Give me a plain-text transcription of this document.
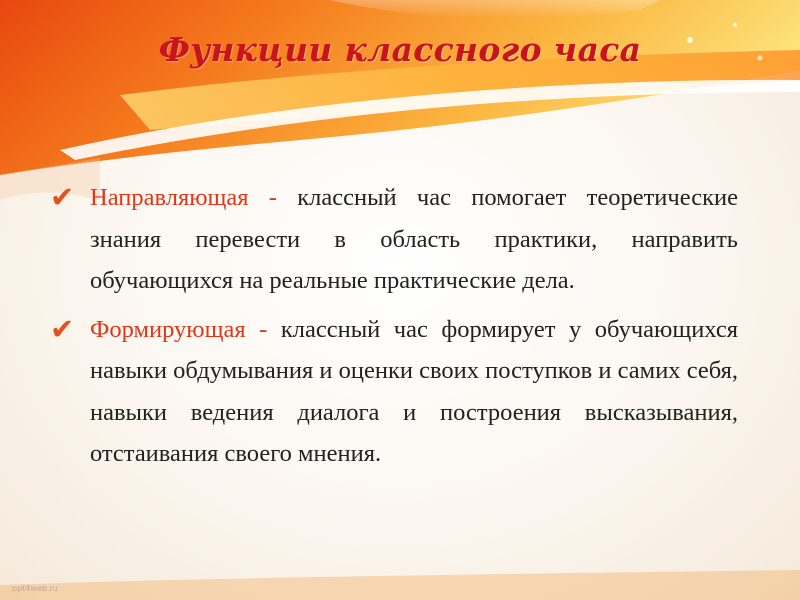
Функции классного часа
✔ Направляющая - классный час помогает теоретические знания перевести в область практики, направить обучающихся на реальные практические дела.
✔ Формирующая - классный час формирует у обучающихся навыки обдумывания и оценки своих поступков и самих себя, навыки ведения диалога и построения высказывания, отстаивания своего мнения.
ppt4web.ru
